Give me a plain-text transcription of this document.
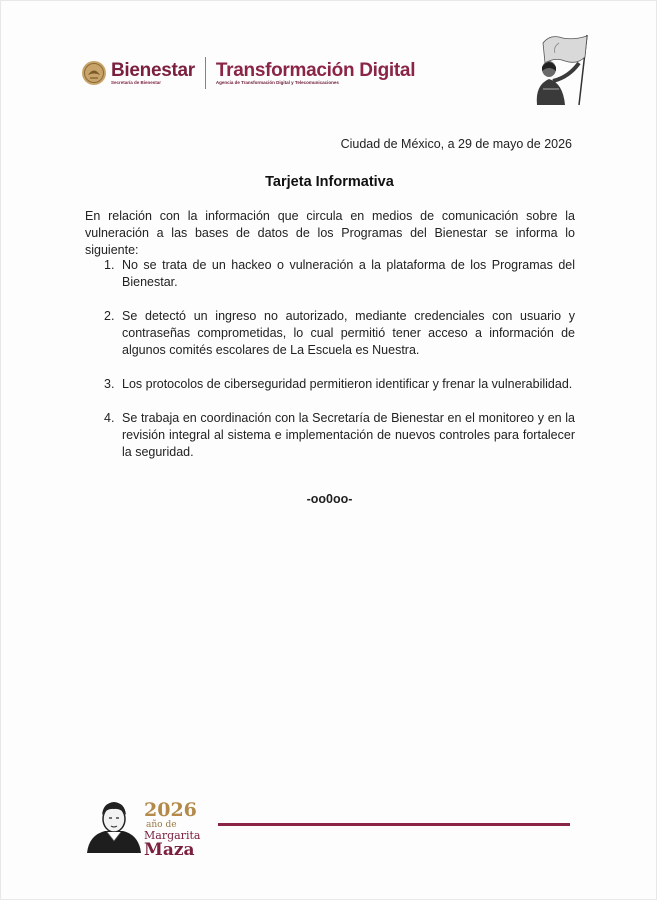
Bienestar
Secretaría de Bienestar
Transformación Digital
Agencia de Transformación Digital y Telecomunicaciones
Ciudad de México, a 29 de mayo de 2026
Tarjeta Informativa

En relación con la información que circula en medios de comunicación sobre la vulneración a las bases de datos de los Programas del Bienestar se informa lo siguiente:

1. No se trata de un hackeo o vulneración a la plataforma de los Programas del Bienestar.
2. Se detectó un ingreso no autorizado, mediante credenciales con usuario y contraseñas comprometidas, lo cual permitió tener acceso a información de algunos comités escolares de La Escuela es Nuestra.
3. Los protocolos de ciberseguridad permitieron identificar y frenar la vulnerabilidad.
4. Se trabaja en coordinación con la Secretaría de Bienestar en el monitoreo y en la revisión integral al sistema e implementación de nuevos controles para fortalecer la seguridad.
-oo0oo-
2026
año de
Margarita
Maza
